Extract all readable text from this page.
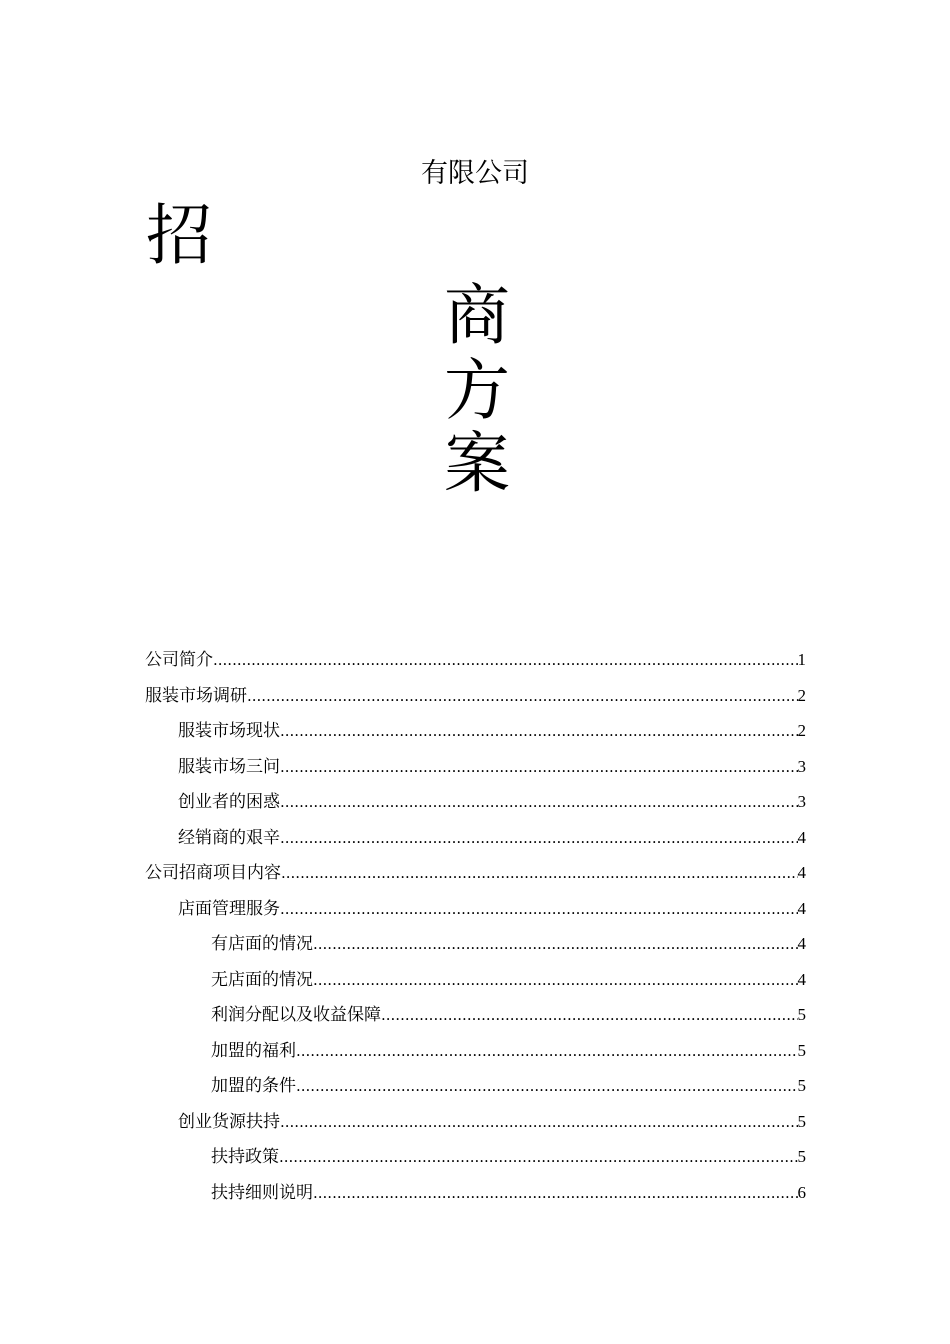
有限公司
招
商
方
案
公司简介 .....	1
服装市场调研 .....	2
服装市场现状 .....	2
服装市场三问 .....	3
创业者的困惑 .....	3
经销商的艰辛 .....	4
公司招商项目内容 .....	4
店面管理服务 .....	4
有店面的情况 .....	4
无店面的情况 .....	4
利润分配以及收益保障 .....	5
加盟的福利 .....	5
加盟的条件 .....	5
创业货源扶持 .....	5
扶持政策 .....	5
扶持细则说明 .....	6
